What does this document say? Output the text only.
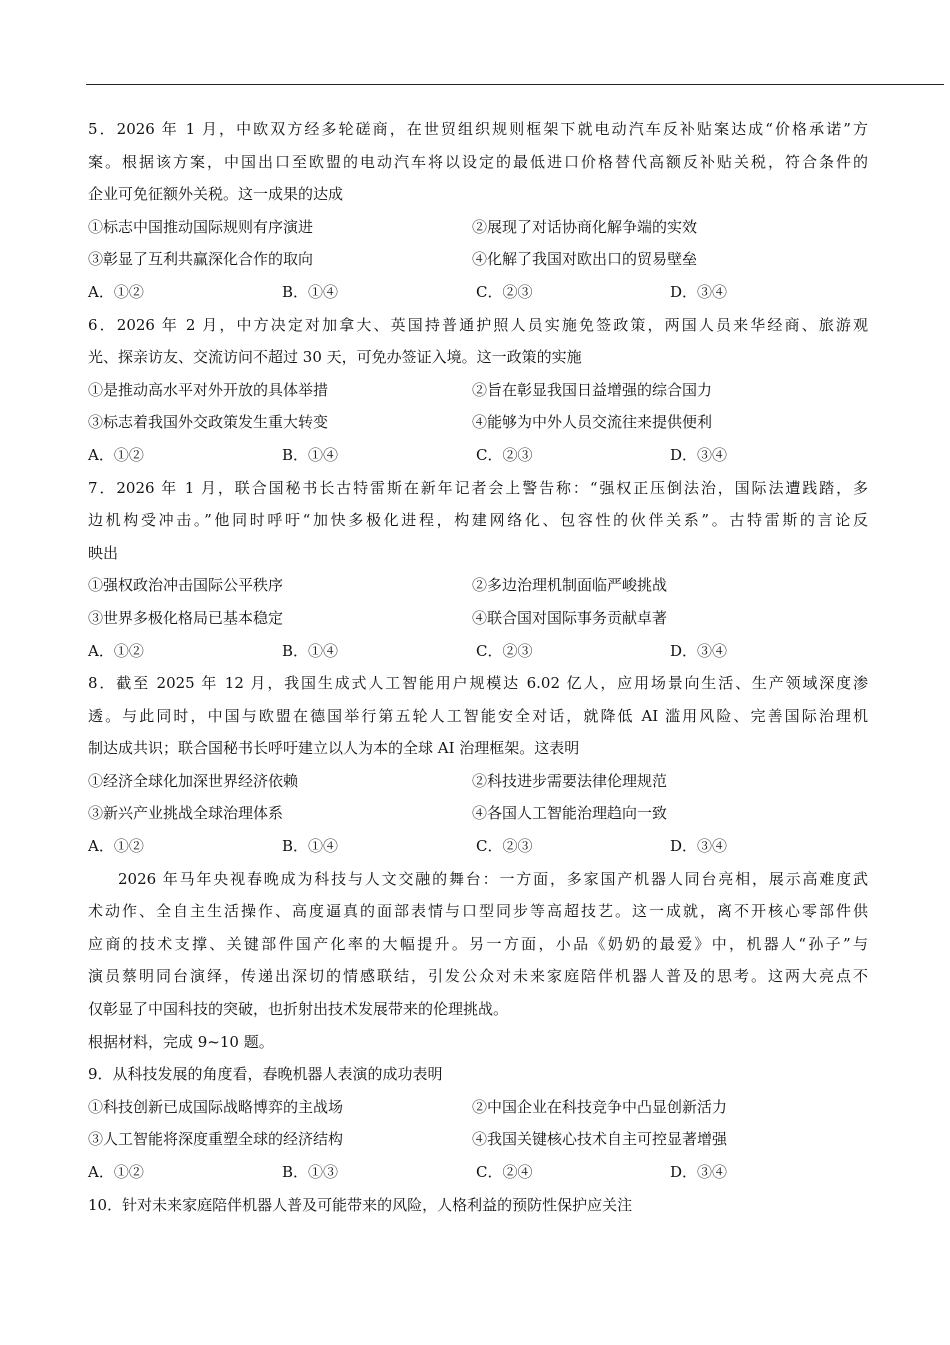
5．2026 年 1 月，中欧双方经多轮磋商，在世贸组织规则框架下就电动汽车反补贴案达成“价格承诺”方
案。根据该方案，中国出口至欧盟的电动汽车将以设定的最低进口价格替代高额反补贴关税，符合条件的
企业可免征额外关税。这一成果的达成
①标志中国推动国际规则有序演进	②展现了对话协商化解争端的实效
③彰显了互利共赢深化合作的取向	④化解了我国对欧出口的贸易壁垒
A．①②	B．①④	C．②③	D．③④
6．2026 年 2 月，中方决定对加拿大、英国持普通护照人员实施免签政策，两国人员来华经商、旅游观
光、探亲访友、交流访问不超过 30 天，可免办签证入境。这一政策的实施
①是推动高水平对外开放的具体举措	②旨在彰显我国日益增强的综合国力
③标志着我国外交政策发生重大转变	④能够为中外人员交流往来提供便利
A．①②	B．①④	C．②③	D．③④
7．2026 年 1 月，联合国秘书长古特雷斯在新年记者会上警告称：“强权正压倒法治，国际法遭践踏，多
边机构受冲击。”他同时呼吁“加快多极化进程，构建网络化、包容性的伙伴关系”。古特雷斯的言论反
映出
①强权政治冲击国际公平秩序	②多边治理机制面临严峻挑战
③世界多极化格局已基本稳定	④联合国对国际事务贡献卓著
A．①②	B．①④	C．②③	D．③④
8．截至 2025 年 12 月，我国生成式人工智能用户规模达 6.02 亿人，应用场景向生活、生产领域深度渗
透。与此同时，中国与欧盟在德国举行第五轮人工智能安全对话，就降低 AI 滥用风险、完善国际治理机
制达成共识；联合国秘书长呼吁建立以人为本的全球 AI 治理框架。这表明
①经济全球化加深世界经济依赖	②科技进步需要法律伦理规范
③新兴产业挑战全球治理体系	④各国人工智能治理趋向一致
A．①②	B．①④	C．②③	D．③④
2026 年马年央视春晚成为科技与人文交融的舞台：一方面，多家国产机器人同台亮相，展示高难度武
术动作、全自主生活操作、高度逼真的面部表情与口型同步等高超技艺。这一成就，离不开核心零部件供
应商的技术支撑、关键部件国产化率的大幅提升。另一方面，小品《奶奶的最爱》中，机器人“孙子”与
演员蔡明同台演绎，传递出深切的情感联结，引发公众对未来家庭陪伴机器人普及的思考。这两大亮点不
仅彰显了中国科技的突破，也折射出技术发展带来的伦理挑战。
根据材料，完成 9~10 题。
9．从科技发展的角度看，春晚机器人表演的成功表明
①科技创新已成国际战略博弈的主战场	②中国企业在科技竞争中凸显创新活力
③人工智能将深度重塑全球的经济结构	④我国关键核心技术自主可控显著增强
A．①②	B．①③	C．②④	D．③④
10．针对未来家庭陪伴机器人普及可能带来的风险，人格利益的预防性保护应关注
